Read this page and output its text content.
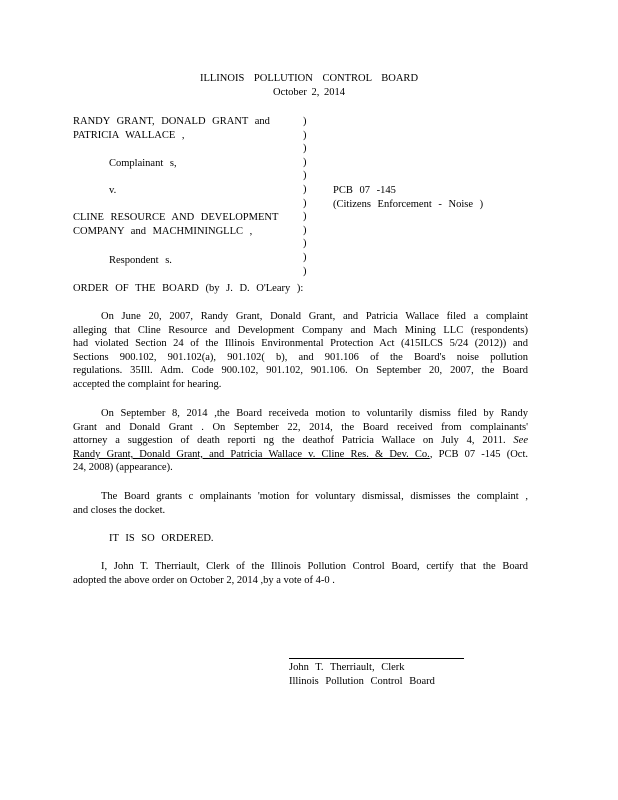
ILLINOIS POLLUTION CONTROL BOARD
October 2, 2014
RANDY GRANT, DONALD GRANT and
PATRICIA WALLACE ,
Complainant s,
v.
CLINE RESOURCE AND DEVELOPMENT
COMPANY and MACHMININGLLC ,
Respondent s.
)
)
)
)
)
)
)
)
)
)
)
)
PCB 07 -145
(Citizens Enforcement - Noise )
ORDER OF THE BOARD (by J. D. O'Leary ):
On June 20, 2007, Randy Grant, Donald Grant, and Patricia Wallace filed a complaint
alleging that Cline Resource and Development Company and Mach Mining LLC (respondents)
had violated Section 24 of the Illinois Environmental Protection Act (415ILCS 5/24 (2012)) and
Sections 900.102, 901.102(a), 901.102( b), and 901.106 of the Board's noise pollution
regulations. 35Ill. Adm. Code 900.102, 901.102, 901.106. On September 20, 2007, the Board
accepted the complaint for hearing.
On September 8, 2014 ,the Board receiveda motion to voluntarily dismiss filed by Randy
Grant and Donald Grant . On September 22, 2014, the Board received from complainants'
attorney a suggestion of death reporti ng the deathof Patricia Wallace on July 4, 2011. See
Randy Grant, Donald Grant, and Patricia Wallace v. Cline Res. & Dev. Co., PCB 07 -145 (Oct.
24, 2008) (appearance).
The Board grants c omplainants 'motion for voluntary dismissal, dismisses the complaint ,
and closes the docket.
IT IS SO ORDERED.
I, John T. Therriault, Clerk of the Illinois Pollution Control Board, certify that the Board
adopted the above order on October 2, 2014 ,by a vote of 4-0 .
John T. Therriault, Clerk
Illinois Pollution Control Board
